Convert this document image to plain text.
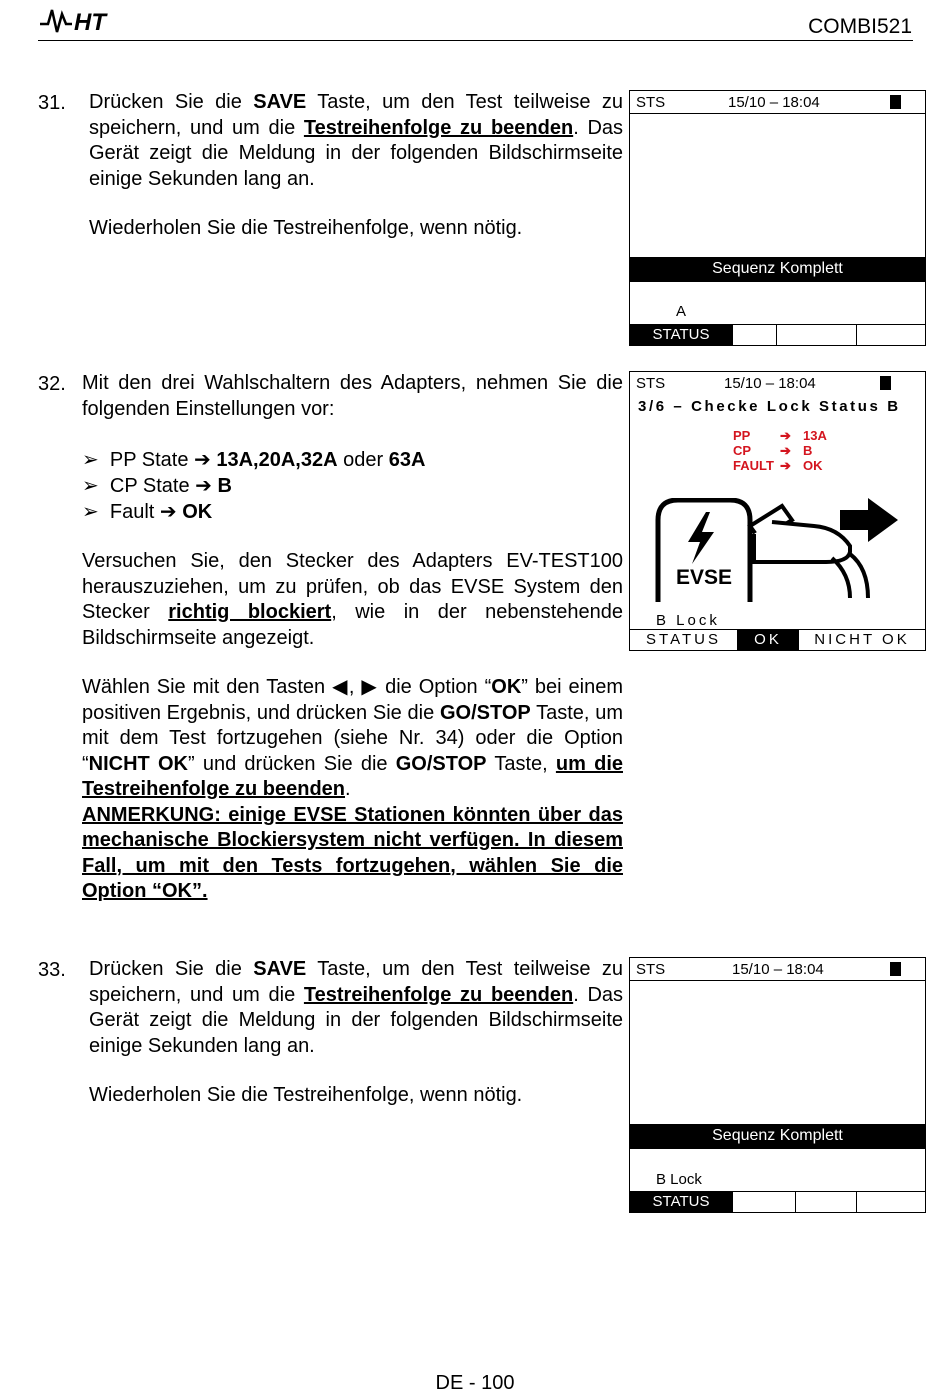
HT	COMBI521
31. Drücken Sie die SAVE Taste, um den Test teilweise zu speichern, und um die Testreihenfolge zu beenden. Das Gerät zeigt die Meldung in der folgenden Bildschirmseite einige Sekunden lang an.
Wiederholen Sie die Testreihenfolge, wenn nötig.
STS	15/10 – 18:04
Sequenz Komplett
A
STATUS
32. Mit den drei Wahlschaltern des Adapters, nehmen Sie die folgenden Einstellungen vor:
➢ PP State ➔ 13A,20A,32A oder 63A
➢ CP State ➔ B
➢ Fault ➔ OK
Versuchen Sie, den Stecker des Adapters EV-TEST100 herauszuziehen, um zu prüfen, ob das EVSE System den Stecker richtig blockiert, wie in der nebenstehende Bildschirmseite angezeigt.
Wählen Sie mit den Tasten ◀, ▶ die Option “OK” bei einem positiven Ergebnis, und drücken Sie die GO/STOP Taste, um mit dem Test fortzugehen (siehe Nr. 34) oder die Option “NICHT OK” und drücken Sie die GO/STOP Taste, um die Testreihenfolge zu beenden.
ANMERKUNG: einige EVSE Stationen könnten über das mechanische Blockiersystem nicht verfügen. In diesem Fall, um mit den Tests fortzugehen, wählen Sie die Option “OK”.
STS	15/10 – 18:04
3/6 – Checke Lock Status B
PP ➔ 13A
CP ➔ B
FAULT ➔ OK
EVSE
B Lock
STATUS	OK	NICHT OK
33. Drücken Sie die SAVE Taste, um den Test teilweise zu speichern, und um die Testreihenfolge zu beenden. Das Gerät zeigt die Meldung in der folgenden Bildschirmseite einige Sekunden lang an.
Wiederholen Sie die Testreihenfolge, wenn nötig.
STS	15/10 – 18:04
Sequenz Komplett
B Lock
STATUS
DE - 100
